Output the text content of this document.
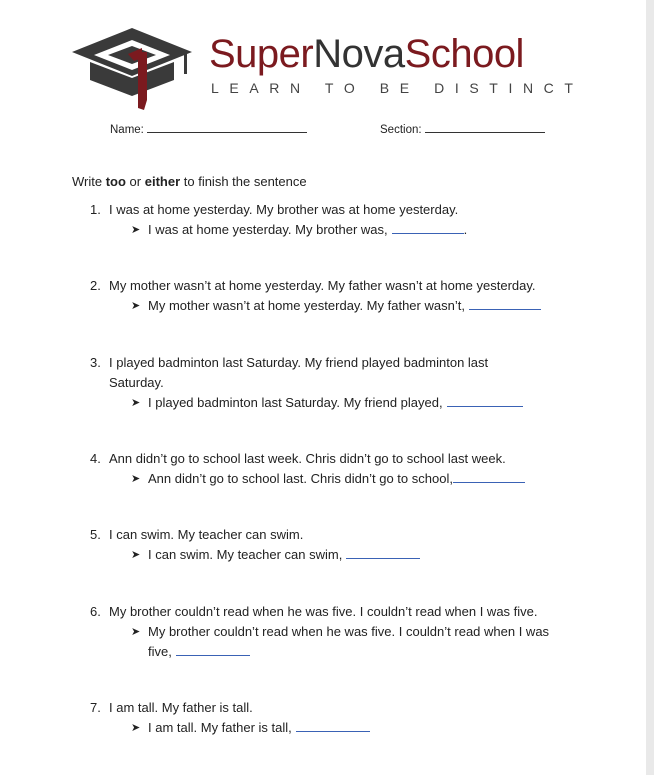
SuperNovaSchool
LEARN TO BE DISTINCT
Name:	Section:
Write too or either to finish the sentence
1. I was at home yesterday. My brother was at home yesterday.
➤ I was at home yesterday. My brother was,	.
2. My mother wasn’t at home yesterday. My father wasn’t at home yesterday.
➤ My mother wasn’t at home yesterday. My father wasn’t,
3. I played badminton last Saturday. My friend played badminton last Saturday.
➤ I played badminton last Saturday. My friend played,
4. Ann didn’t go to school last week. Chris didn’t go to school last week.
➤ Ann didn’t go to school last. Chris didn’t go to school,
5. I can swim. My teacher can swim.
➤ I can swim. My teacher can swim,
6. My brother couldn’t read when he was five. I couldn’t read when I was five.
➤ My brother couldn’t read when he was five. I couldn’t read when I was five,
7. I am tall. My father is tall.
➤ I am tall. My father is tall,
